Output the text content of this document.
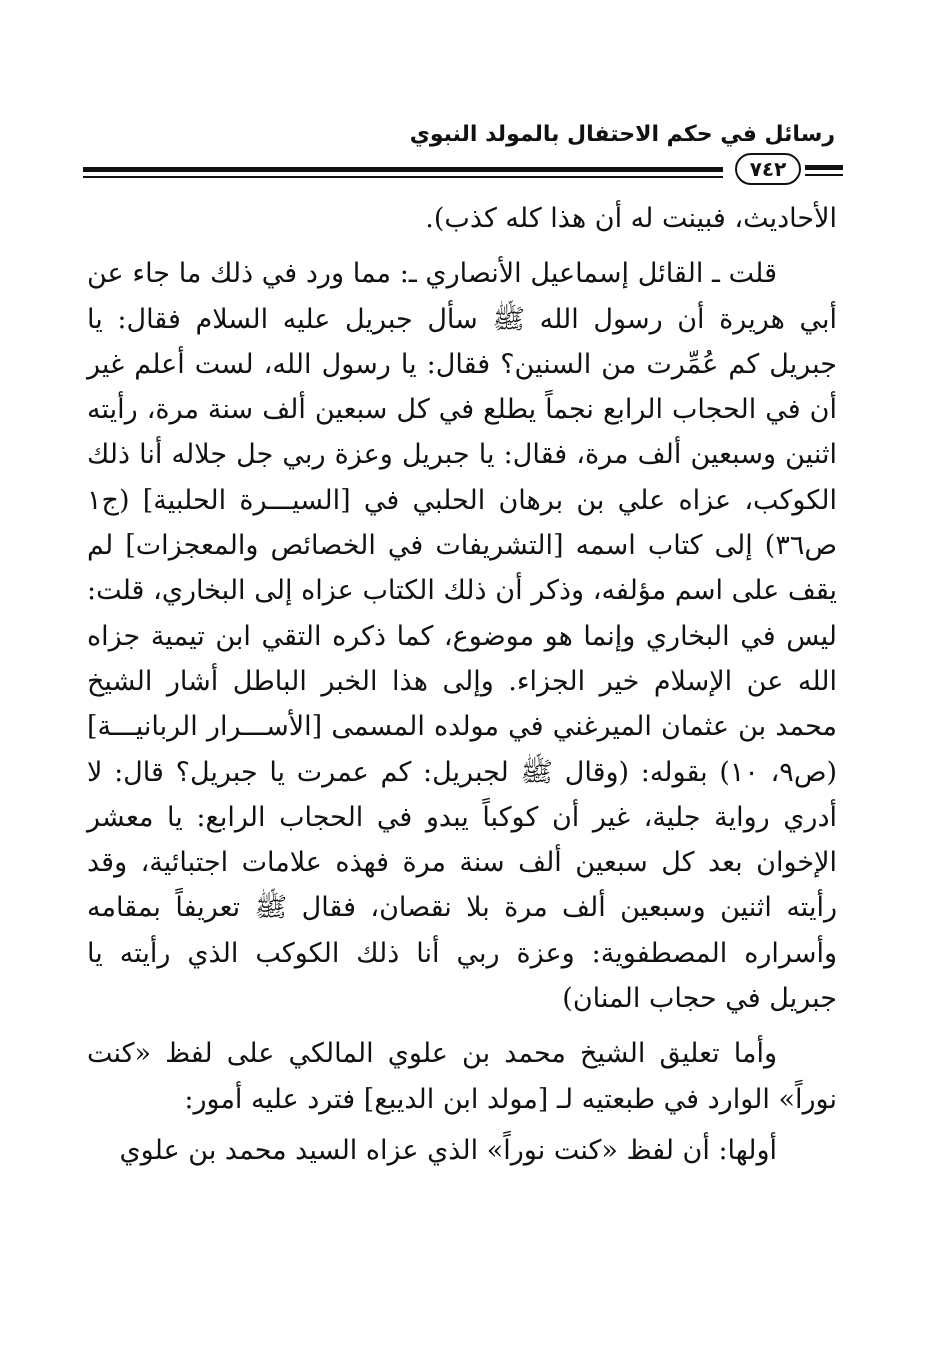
رسائل في حكم الاحتفال بالمولد النبوي
٧٤٢

الأحاديث، فبينت له أن هذا كله كذب).

قلت ـ القائل إسماعيل الأنصاري ـ: مما ورد في ذلك ما جاء عن أبي هريرة أن رسول الله ﷺ سأل جبريل عليه السلام فقال: يا جبريل كم عُمِّرت من السنين؟ فقال: يا رسول الله، لست أعلم غير أن في الحجاب الرابع نجماً يطلع في كل سبعين ألف سنة مرة، رأيته اثنين وسبعين ألف مرة، فقال: يا جبريل وعزة ربي جل جلاله أنا ذلك الكوكب، عزاه علي بن برهان الحلبي في [السيـــرة الحلبية] (ج١ ص٣٦) إلى كتاب اسمه [التشريفات في الخصائص والمعجزات] لم يقف على اسم مؤلفه، وذكر أن ذلك الكتاب عزاه إلى البخاري، قلت: ليس في البخاري وإنما هو موضوع، كما ذكره التقي ابن تيمية جزاه الله عن الإسلام خير الجزاء. وإلى هذا الخبر الباطل أشار الشيخ محمد بن عثمان الميرغني في مولده المسمى [الأســـرار الربانيـــة] (ص٩، ١٠) بقوله: (وقال ﷺ لجبريل: كم عمرت يا جبريل؟ قال: لا أدري رواية جلية، غير أن كوكباً يبدو في الحجاب الرابع: يا معشر الإخوان بعد كل سبعين ألف سنة مرة فهذه علامات اجتبائية، وقد رأيته اثنين وسبعين ألف مرة بلا نقصان، فقال ﷺ تعريفاً بمقامه وأسراره المصطفوية: وعزة ربي أنا ذلك الكوكب الذي رأيته يا جبريل في حجاب المنان)

وأما تعليق الشيخ محمد بن علوي المالكي على لفظ «كنت نوراً» الوارد في طبعتيه لـ [مولد ابن الديبع] فترد عليه أمور:

أولها: أن لفظ «كنت نوراً» الذي عزاه السيد محمد بن علوي
